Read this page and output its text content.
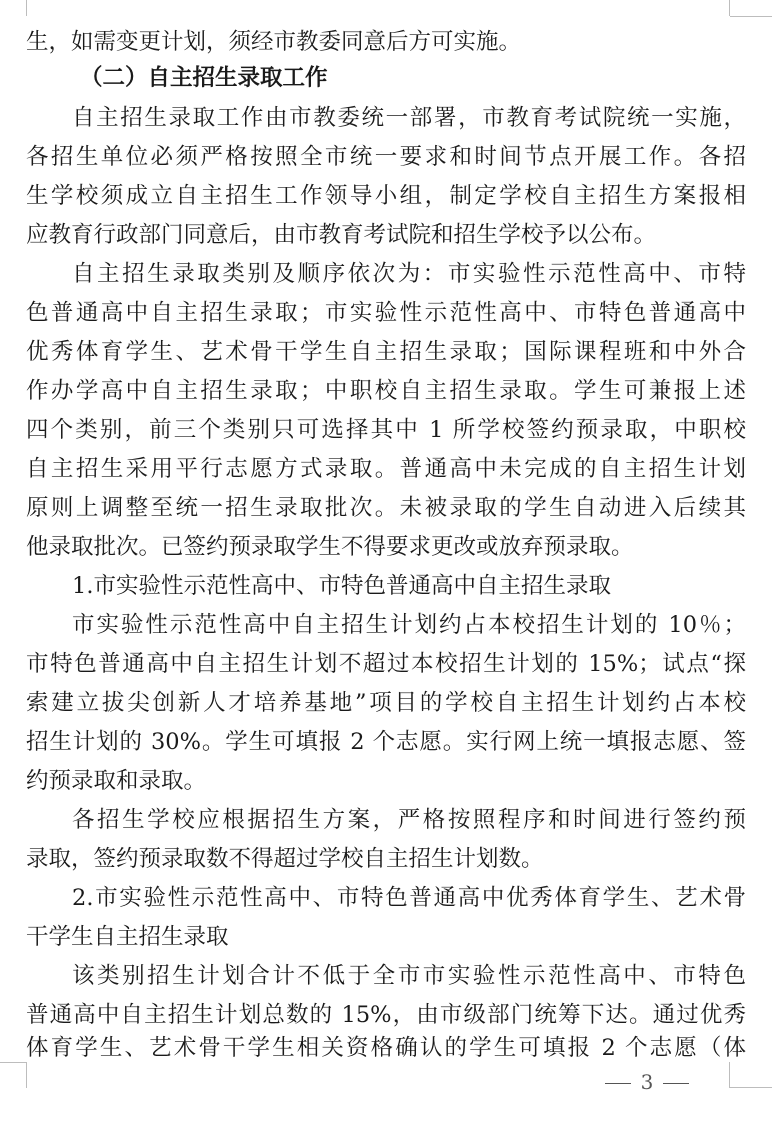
生，如需变更计划，须经市教委同意后方可实施。
（二）自主招生录取工作
自主招生录取工作由市教委统一部署，市教育考试院统一实施，
各招生单位必须严格按照全市统一要求和时间节点开展工作。各招
生学校须成立自主招生工作领导小组，制定学校自主招生方案报相
应教育行政部门同意后，由市教育考试院和招生学校予以公布。
自主招生录取类别及顺序依次为：市实验性示范性高中、市特
色普通高中自主招生录取；市实验性示范性高中、市特色普通高中
优秀体育学生、艺术骨干学生自主招生录取；国际课程班和中外合
作办学高中自主招生录取；中职校自主招生录取。学生可兼报上述
四个类别，前三个类别只可选择其中 1 所学校签约预录取，中职校
自主招生采用平行志愿方式录取。普通高中未完成的自主招生计划
原则上调整至统一招生录取批次。未被录取的学生自动进入后续其
他录取批次。已签约预录取学生不得要求更改或放弃预录取。
1.市实验性示范性高中、市特色普通高中自主招生录取
市实验性示范性高中自主招生计划约占本校招生计划的 10％；
市特色普通高中自主招生计划不超过本校招生计划的 15%；试点“探
索建立拔尖创新人才培养基地”项目的学校自主招生计划约占本校
招生计划的 30%。学生可填报 2 个志愿。实行网上统一填报志愿、签
约预录取和录取。
各招生学校应根据招生方案，严格按照程序和时间进行签约预
录取，签约预录取数不得超过学校自主招生计划数。
2.市实验性示范性高中、市特色普通高中优秀体育学生、艺术骨
干学生自主招生录取
该类别招生计划合计不低于全市市实验性示范性高中、市特色
普通高中自主招生计划总数的 15%，由市级部门统筹下达。通过优秀
体育学生、艺术骨干学生相关资格确认的学生可填报 2 个志愿（体
3
